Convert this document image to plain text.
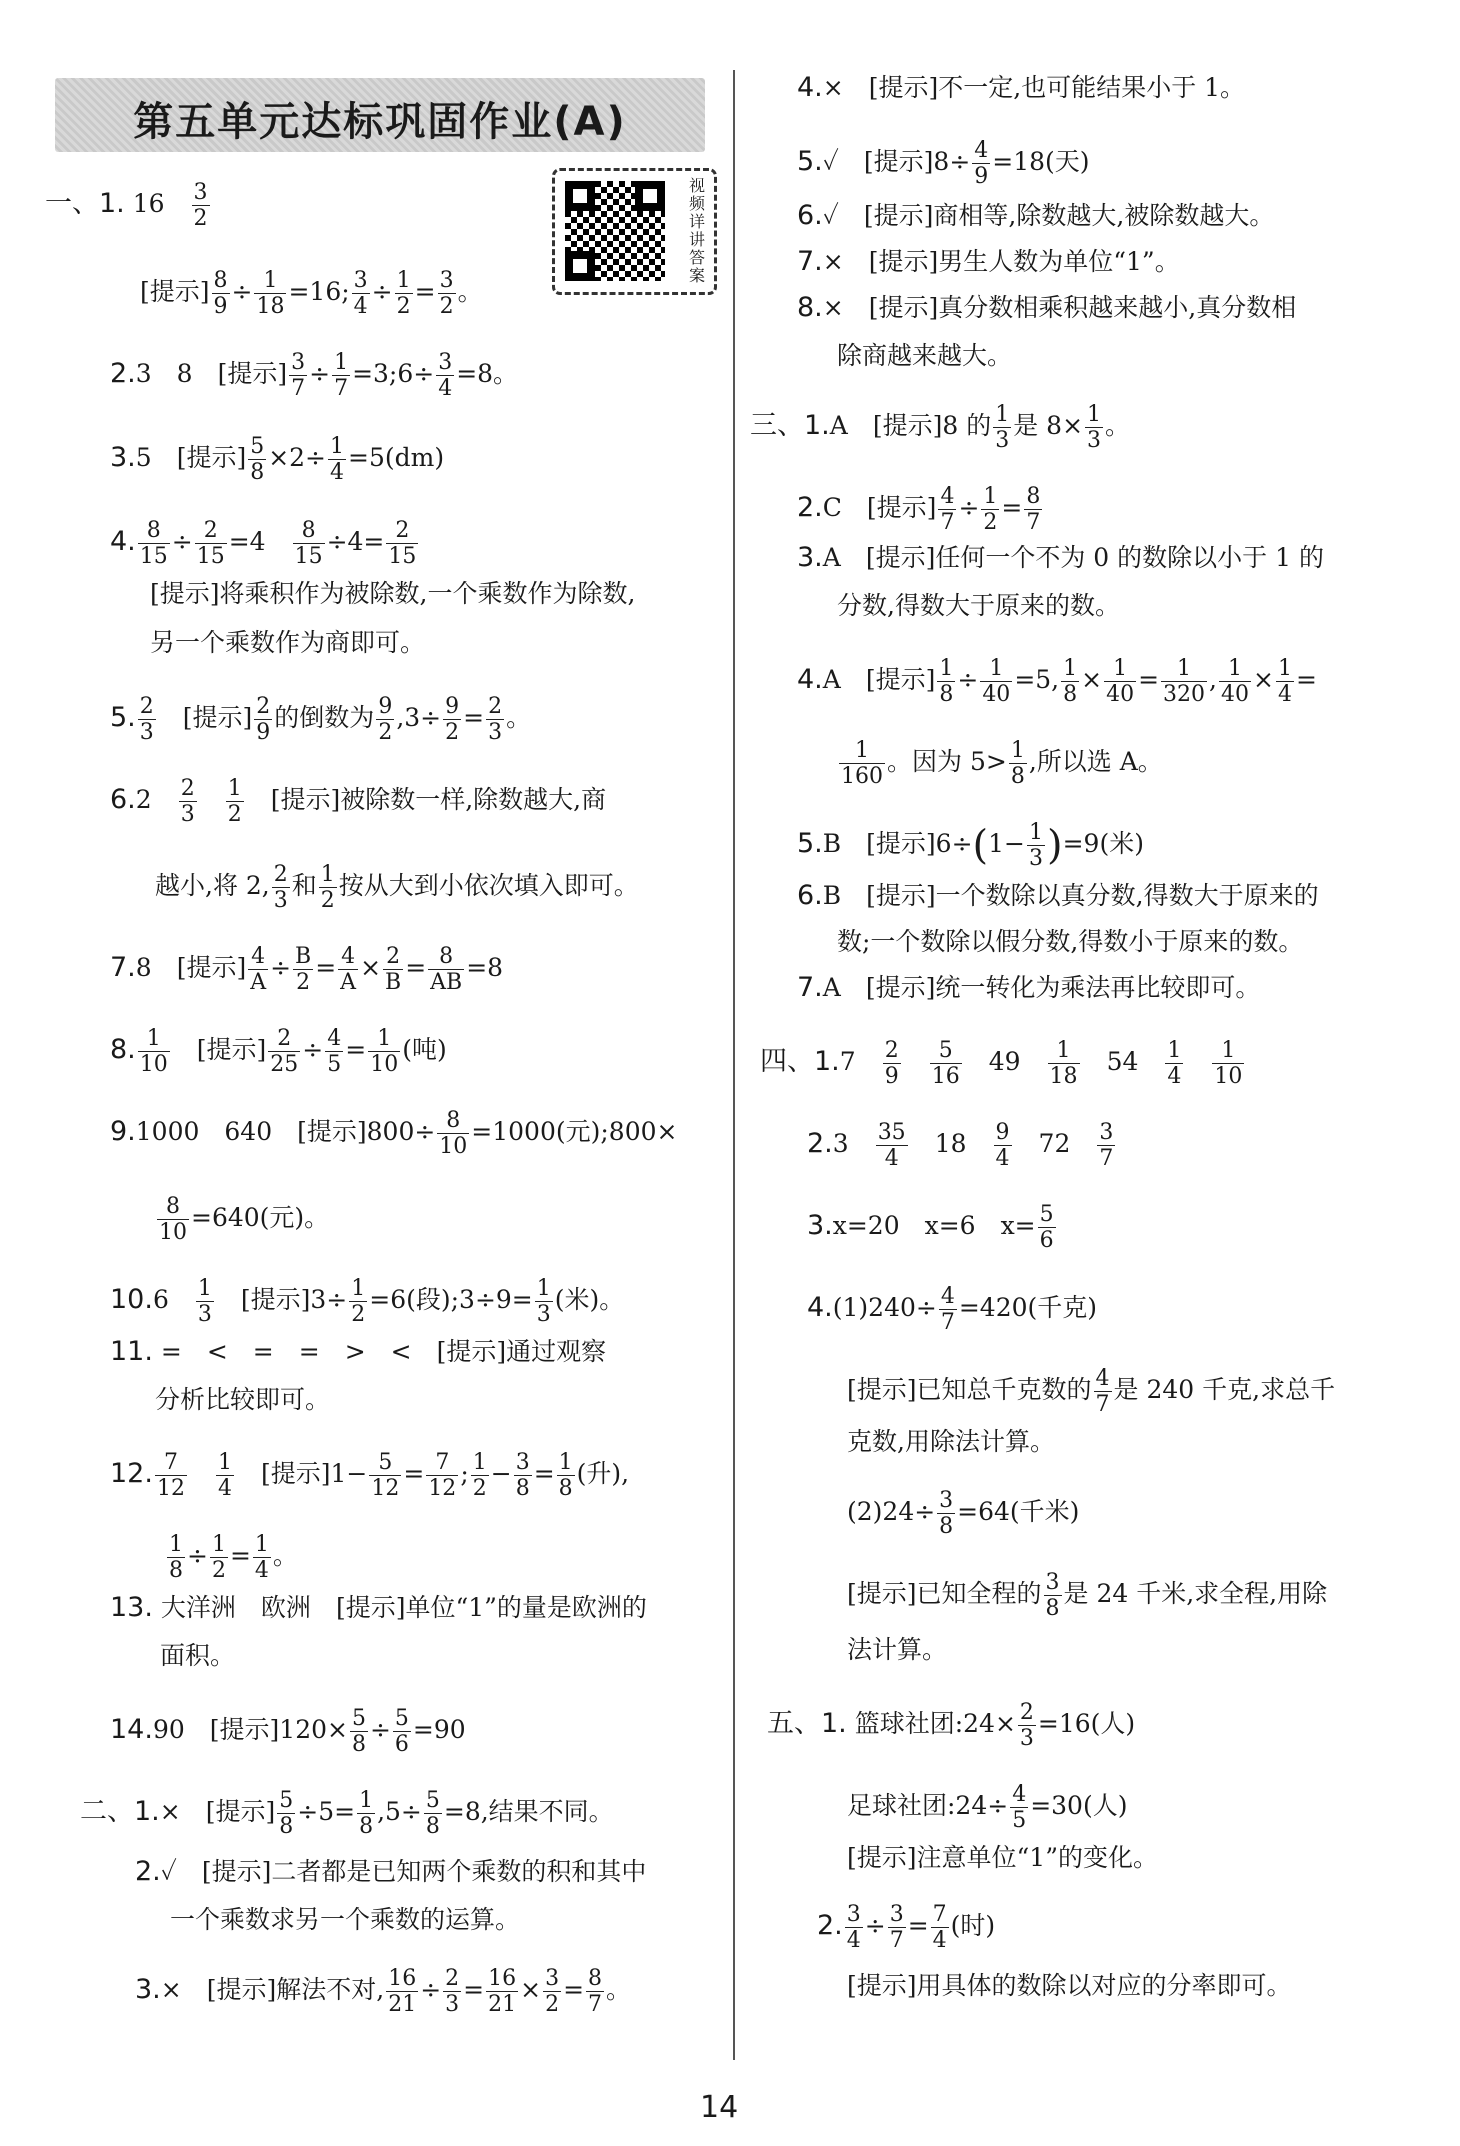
第五单元达标巩固作业(A)
视频详讲答案
一、1. 16　 $\frac{3}{2}$
[提示] $\frac{8}{9} \div \frac{1}{18} =16$; $\frac{3}{4} \div \frac{1}{2} = \frac{3}{2}$ 。
2.3　8　 [提示] $\frac{3}{7} \div \frac{1}{7}$ =3;6÷ $\frac{3}{4} =8$。
3.5　 [提示] $\frac{5}{8} \times 2\div \frac{1}{4} =5(dm)$
4. $\frac{8}{15} \div \frac{2}{15} =4$　 $\frac{8}{15} \div 4= \frac{2}{15}$
[提示]将乘积作为被除数,一个乘数作为除数,
另一个乘数作为商即可。
5. $\frac{2}{3}$
　 [提示] $\frac{2}{9}$ 的倒数为 $\frac{9}{2} ,3\div \frac{9}{2} = \frac{2}{3}$ 。
6.2　 $\frac{2}{3}$
　 $\frac{1}{2}$
　 [提示]被除数一样,除数越大,商
越小,将 2, $\frac{2}{3}$ 和 $\frac{1}{2}$ 按从大到小依次填入即可。
7.8　 [提示] $\frac{4}{A} \div \frac{B}{2} = \frac{4}{A} \times \frac{2}{B} = \frac{8}{AB} =8$
8. $\frac{1}{10}$
　 [提示] $\frac{2}{25} \div \frac{4}{5} = \frac{1}{10}$ (吨)
9.1000　640　 [提示]$800\div \frac{8}{10} =1000$(元);800×
$\frac{8}{10} =640$(元)。
10.6　 $\frac{1}{3}$
　 [提示]$3\div \frac{1}{2} =6$(段);3÷9= $\frac{1}{3}$ (米)。
11. =　<　=　=　>　<　 [提示]通过观察
分析比较即可。
12. $\frac{7}{12}$
　 $\frac{1}{4}$
　 [提示]$1- \frac{5}{12} = \frac{7}{12}$ ; $\frac{1}{2} - \frac{3}{8} = \frac{1}{8}$ (升),
$\frac{1}{8} \div \frac{1}{2} = \frac{1}{4}$ 。
13. 大洋洲　欧洲　 [提示]单位“1”的量是欧洲的
面积。
14.90　 [提示]$120\times \frac{5}{8} \div \frac{5}{6} =90$
二、1.×　 [提示] $\frac{5}{8} \div 5= \frac{1}{8} ,5\div \frac{5}{8} =8$,结果不同。
2.✓　 [提示]二者都是已知两个乘数的积和其中
一个乘数求另一个乘数的运算。
3.×　 [提示]解法不对, $\frac{16}{21} \div \frac{2}{3} = \frac{16}{21} \times \frac{3}{2} = \frac{8}{7}$ 。
4.×　 [提示]不一定,也可能结果小于 1。
5.✓　 [提示]$8\div \frac{4}{9} =18$(天)
6.✓　 [提示]商相等,除数越大,被除数越大。
7.×　 [提示]男生人数为单位“1”。
8.×　 [提示]真分数相乘积越来越小,真分数相
除商越来越大。
三、1.A　 [提示]8 的 $\frac{1}{3}$ 是 $8\times \frac{1}{3}$ 。
2.C　 [提示] $\frac{4}{7} \div \frac{1}{2} = \frac{8}{7}$
3.A　 [提示]任何一个不为 0 的数除以小于 1 的
分数,得数大于原来的数。
4.A　 [提示] $\frac{1}{8} \div \frac{1}{40} =5$, $\frac{1}{8} \times \frac{1}{40} = \frac{1}{320}$ , $\frac{1}{40} \times \frac{1}{4}$ =
$\frac{1}{160}$ 。因为 $5> \frac{1}{8}$ ,所以选 A。
5.B　 [提示]$6\div(1- \frac{1}{3} )=9$(米)
6.B　 [提示]一个数除以真分数,得数大于原来的
数;一个数除以假分数,得数小于原来的数。
7.A　 [提示]统一转化为乘法再比较即可。
四、1.7　 $\frac{2}{9}$
　 $\frac{5}{16}$
　 49　 $\frac{1}{18}$
　 54　 $\frac{1}{4}$
　 $\frac{1}{10}$
2.3　 $\frac{35}{4}$
　 18　 $\frac{9}{4}$
　 72　 $\frac{3}{7}$
3.x=20　x=6　$x= \frac{5}{6}$
$4.(1)240\div \frac{4}{7} =420$(千克)
[提示]已知总千克数的 $\frac{4}{7}$ 是 240 千克,求总千
克数,用除法计算。
$(2)24\div \frac{3}{8} =64$(千米)
[提示]已知全程的 $\frac{3}{8}$ 是 24 千米,求全程,用除
法计算。
五、1. 篮球社团:24× $\frac{2}{3} =16$(人)
足球社团:24÷ $\frac{4}{5} =30$(人)
[提示]注意单位“1”的变化。
2. $\frac{3}{4} \div \frac{3}{7} = \frac{7}{4}$ (时)
[提示]用具体的数除以对应的分率即可。
14
